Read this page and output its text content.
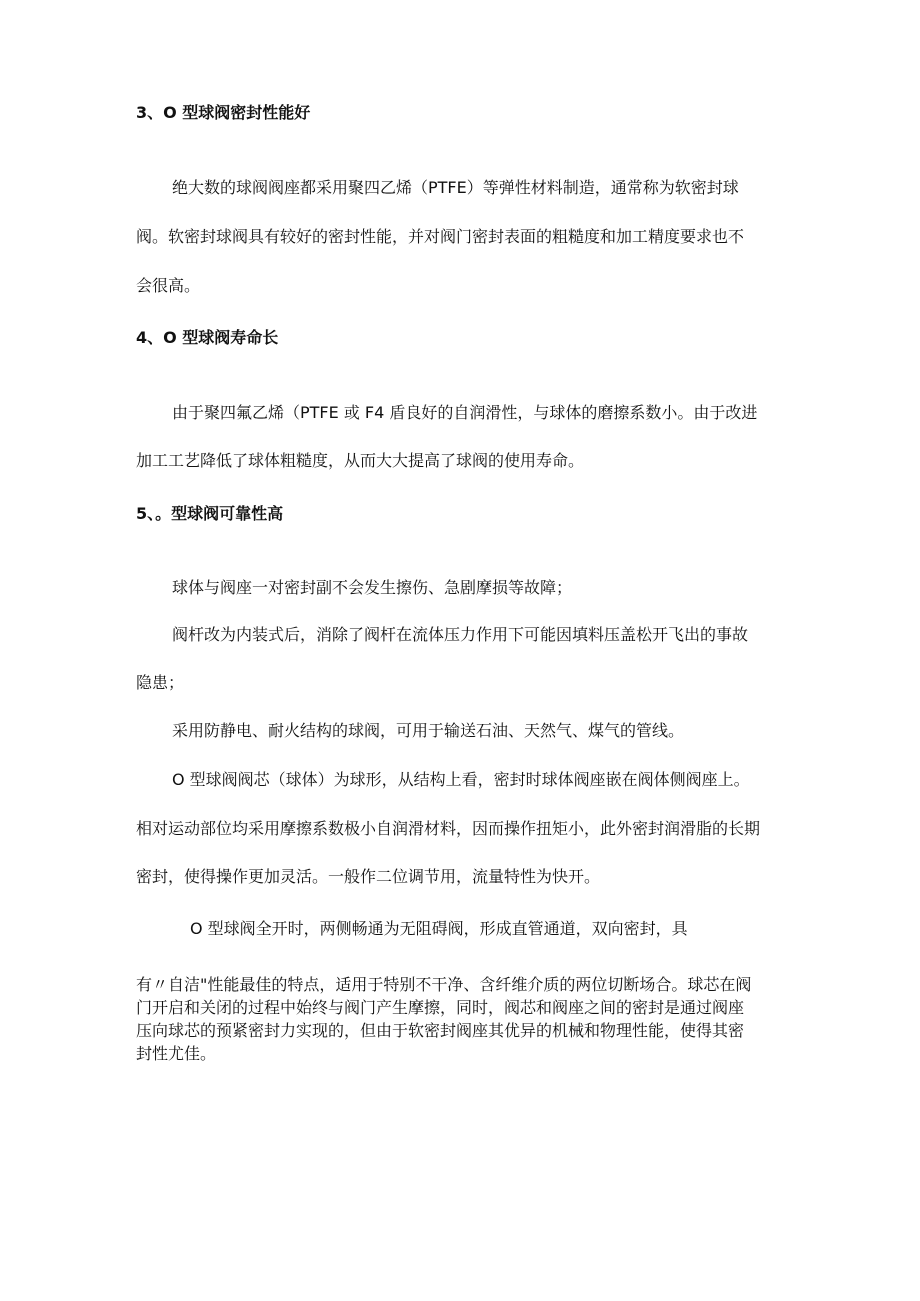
3、O 型球阀密封性能好
绝大数的球阀阀座都采用聚四乙烯（PTFE）等弹性材料制造，通常称为软密封球
阀。软密封球阀具有较好的密封性能，并对阀门密封表面的粗糙度和加工精度要求也不
会很高。
4、O 型球阀寿命长
由于聚四氟乙烯（PTFE 或 F4 盾良好的自润滑性，与球体的磨擦系数小。由于改进
加工工艺降低了球体粗糙度，从而大大提高了球阀的使用寿命。
5、。型球阀可靠性高
球体与阀座一对密封副不会发生擦伤、急剧摩损等故障；
阀杆改为内装式后，消除了阀杆在流体压力作用下可能因填料压盖松开飞出的事故
隐患；
采用防静电、耐火结构的球阀，可用于输送石油、天然气、煤气的管线。
O 型球阀阀芯（球体）为球形，从结构上看，密封时球体阀座嵌在阀体侧阀座上。
相对运动部位均采用摩擦系数极小自润滑材料，因而操作扭矩小，此外密封润滑脂的长期
密封，使得操作更加灵活。一般作二位调节用，流量特性为快开。
O 型球阀全开时，两侧畅通为无阻碍阀，形成直管通道，双向密封，具
有〃自洁"性能最佳的特点，适用于特别不干净、含纤维介质的两位切断场合。球芯在阀
门开启和关闭的过程中始终与阀门产生摩擦，同时，阀芯和阀座之间的密封是通过阀座
压向球芯的预紧密封力实现的，但由于软密封阀座其优异的机械和物理性能，使得其密
封性尤佳。
